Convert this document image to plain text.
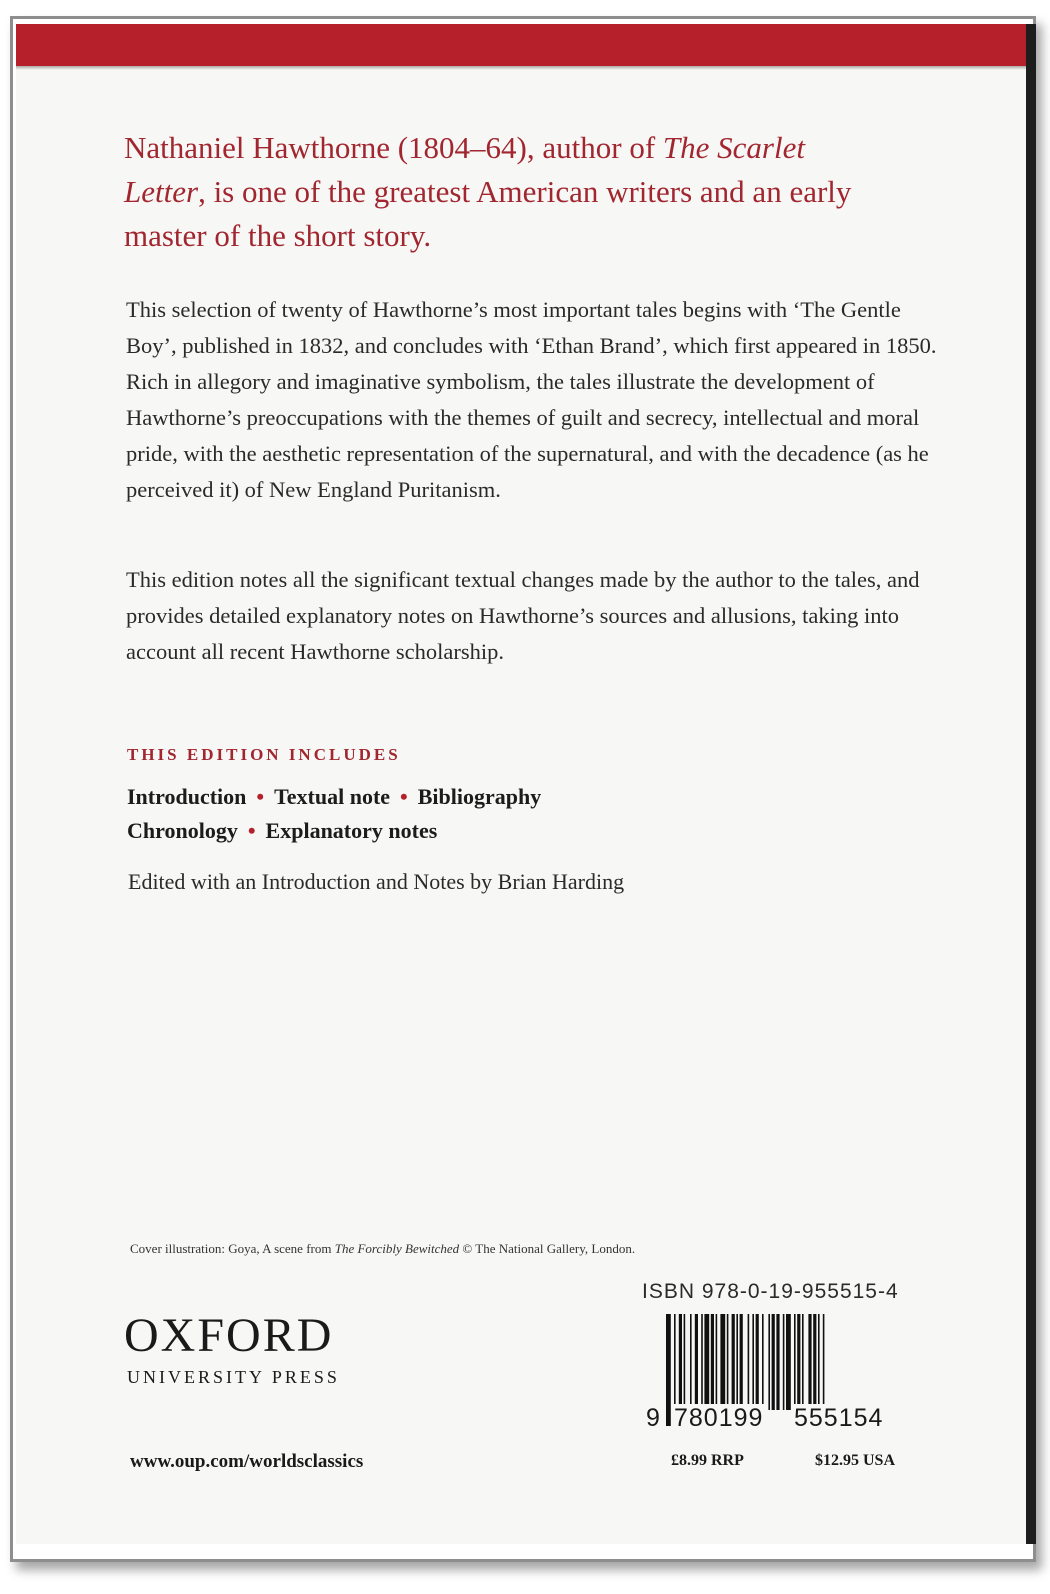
Nathaniel Hawthorne (1804–64), author of The Scarlet Letter, is one of the greatest American writers and an early master of the short story.

This selection of twenty of Hawthorne’s most important tales begins with ‘The Gentle Boy’, published in 1832, and concludes with ‘Ethan Brand’, which first appeared in 1850. Rich in allegory and imaginative symbolism, the tales illustrate the development of Hawthorne’s preoccupations with the themes of guilt and secrecy, intellectual and moral pride, with the aesthetic representation of the supernatural, and with the decadence (as he perceived it) of New England Puritanism.

This edition notes all the significant textual changes made by the author to the tales, and provides detailed explanatory notes on Hawthorne’s sources and allusions, taking into account all recent Hawthorne scholarship.

THIS EDITION INCLUDES

Introduction • Textual note • Bibliography
Chronology • Explanatory notes

Edited with an Introduction and Notes by Brian Harding

Cover illustration: Goya, A scene from The Forcibly Bewitched © The National Gallery, London.

OXFORD

UNIVERSITY PRESS

www.oup.com/worldsclassics

ISBN 978-0-19-955515-4

9 780199 555154

£8.99 RRP	$12.95 USA
